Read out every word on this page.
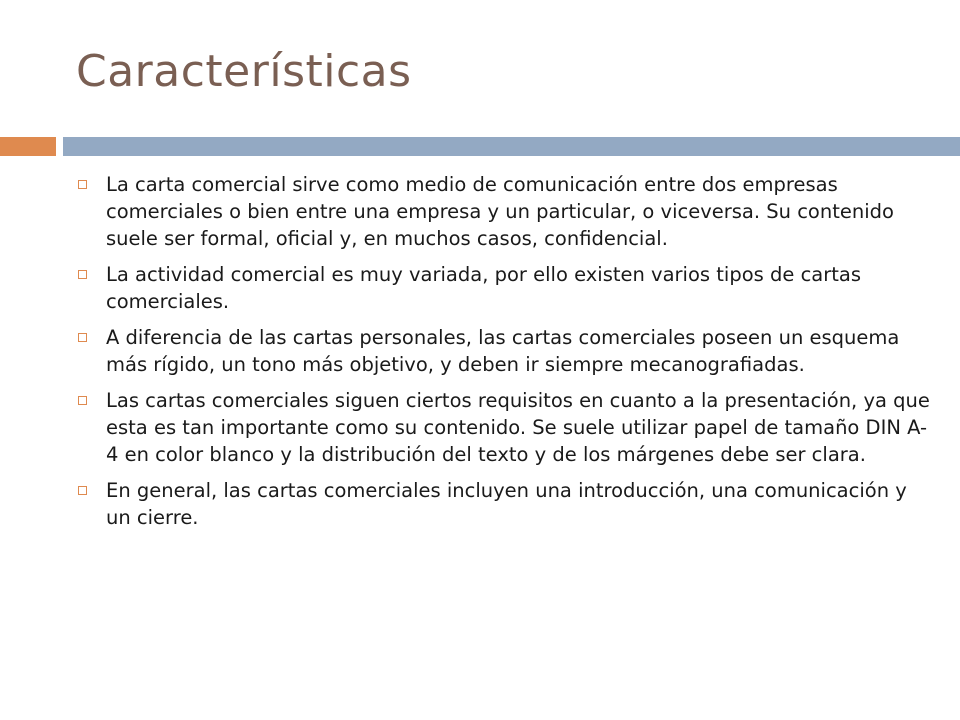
Características
La carta comercial sirve como medio de comunicación entre dos empresas comerciales o bien entre una empresa y un particular, o viceversa. Su contenido suele ser formal, oficial y, en muchos casos, confidencial.
La actividad comercial es muy variada, por ello existen varios tipos de cartas comerciales.
A diferencia de las cartas personales, las cartas comerciales poseen un esquema más rígido, un tono más objetivo, y deben ir siempre mecanografiadas.
Las cartas comerciales siguen ciertos requisitos en cuanto a la presentación, ya que esta es tan importante como su contenido. Se suele utilizar papel de tamaño DIN A-4 en color blanco y la distribución del texto y de los márgenes debe ser clara.
En general, las cartas comerciales incluyen una introducción, una comunicación y un cierre.
